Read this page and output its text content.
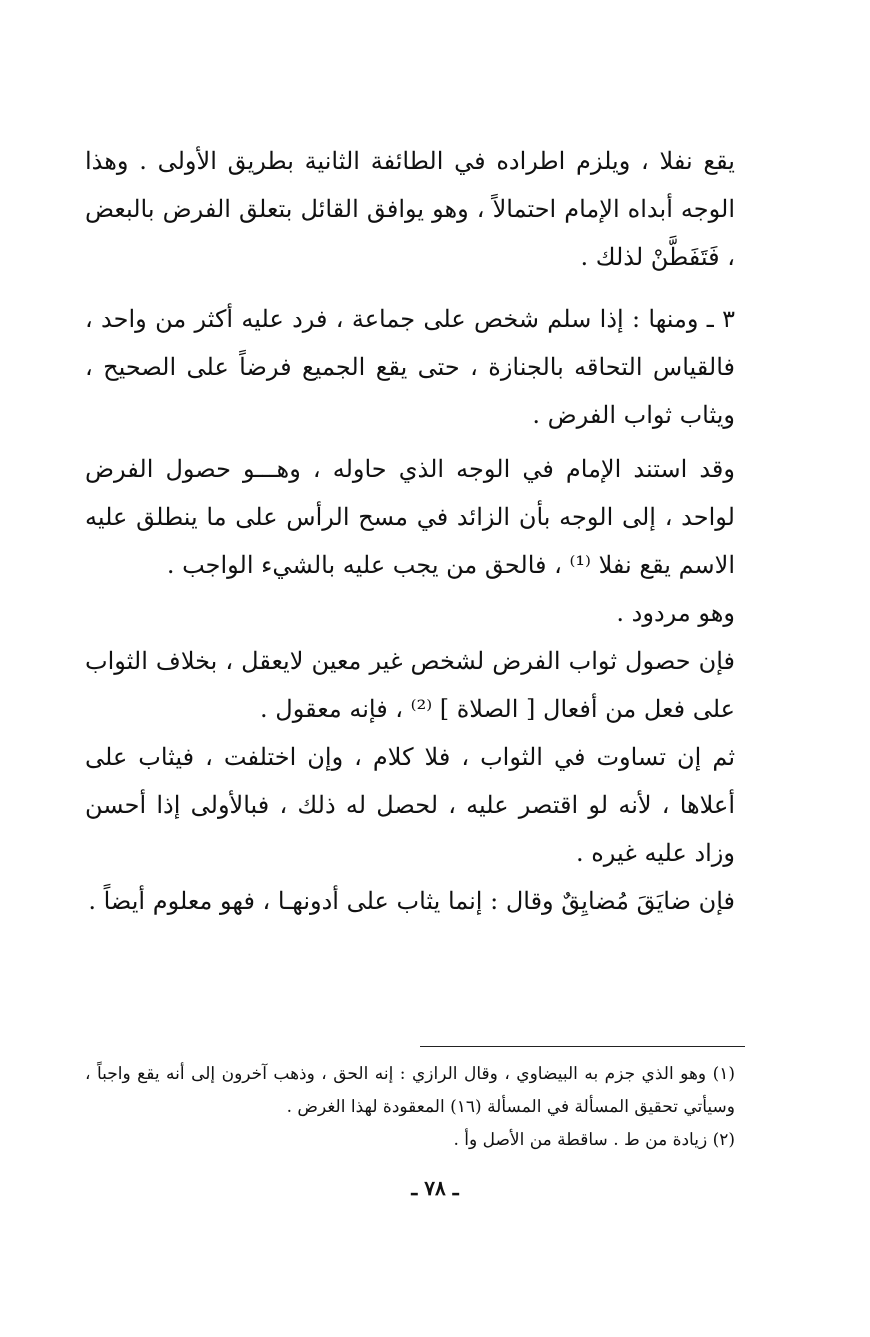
يقع نفلا ، ويلزم اطراده في الطائفة الثانية بطريق الأولى . وهذا الوجه أبداه الإمام احتمالاً ، وهو يوافق القائل بتعلق الفرض بالبعض ، فَتَفَطَّنْ لذلك .

٣ ـ ومنها : إذا سلم شخص على جماعة ، فرد عليه أكثر من واحد ، فالقياس التحاقه بالجنازة ، حتى يقع الجميع فرضاً على الصحيح ، ويثاب ثواب الفرض .

وقد استند الإمام في الوجه الذي حاوله ، وهـــو حصول الفرض لواحد ، إلى الوجه بأن الزائد في مسح الرأس على ما ينطلق عليه الاسم يقع نفلا ⁽¹⁾ ، فالحق من يجب عليه بالشيء الواجب .

وهو مردود .

فإن حصول ثواب الفرض لشخص غير معين لايعقل ، بخلاف الثواب على فعل من أفعال [ الصلاة ] ⁽²⁾ ، فإنه معقول .

ثم إن تساوت في الثواب ، فلا كلام ، وإن اختلفت ، فيثاب على أعلاها ، لأنه لو اقتصر عليه ، لحصل له ذلك ، فبالأولى إذا أحسن وزاد عليه غيره .

فإن ضايَقَ مُضايِقٌ وقال : إنما يثاب على أدونهـا ، فهو معلوم أيضاً .

(١) وهو الذي جزم به البيضاوي ، وقال الرازي : إنه الحق ، وذهب آخرون إلى أنه يقع واجباً ، وسيأتي تحقيق المسألة في المسألة (١٦) المعقودة لهذا الغرض .

(٢) زيادة من ط . ساقطة من الأصل وأ .

ـ ٧٨ ـ
